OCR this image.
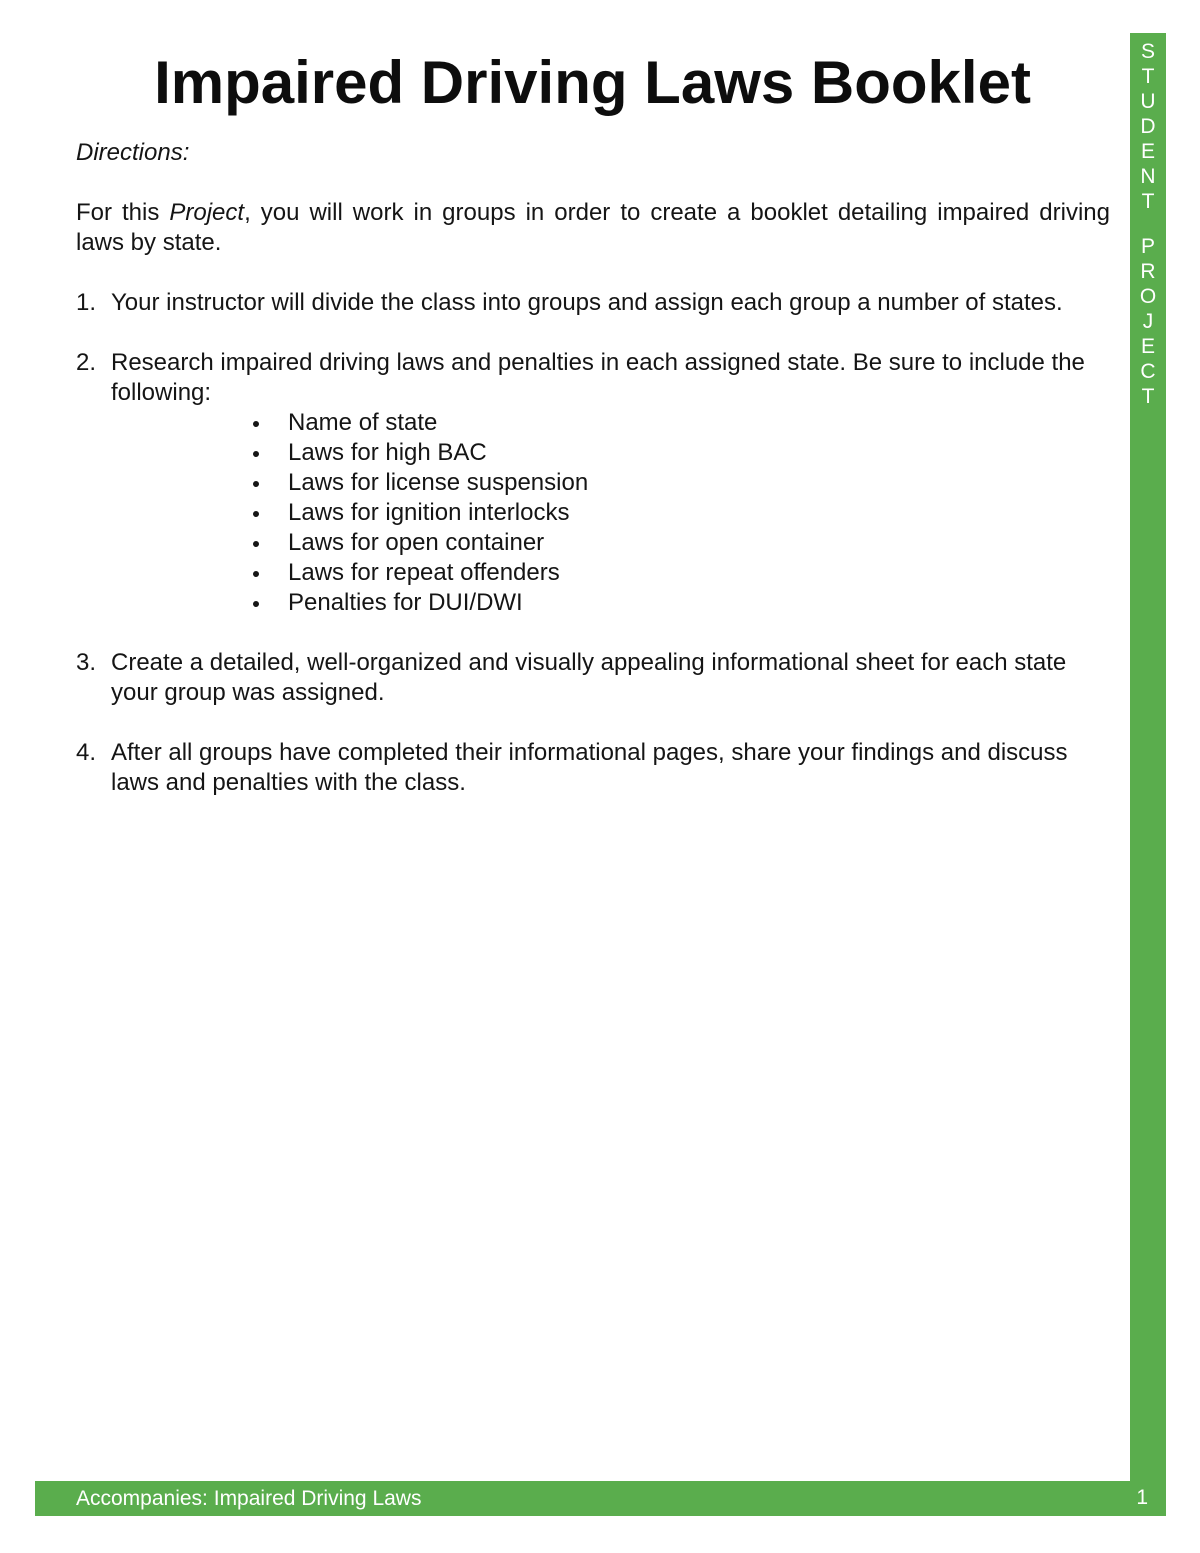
Impaired Driving Laws Booklet

Directions:

For this Project, you will work in groups in order to create a booklet detailing impaired driving laws by state.

1. Your instructor will divide the class into groups and assign each group a number of states.
2. Research impaired driving laws and penalties in each assigned state. Be sure to include the following:
Name of state
Laws for high BAC
Laws for license suspension
Laws for ignition interlocks
Laws for open container
Laws for repeat offenders
Penalties for DUI/DWI
3. Create a detailed, well-organized and visually appealing informational sheet for each state your group was assigned.
4. After all groups have completed their informational pages, share your findings and discuss laws and penalties with the class.
S
T
U
D
E
N
T
P
R
O
J
E
C
T
Accompanies: Impaired Driving Laws	1
